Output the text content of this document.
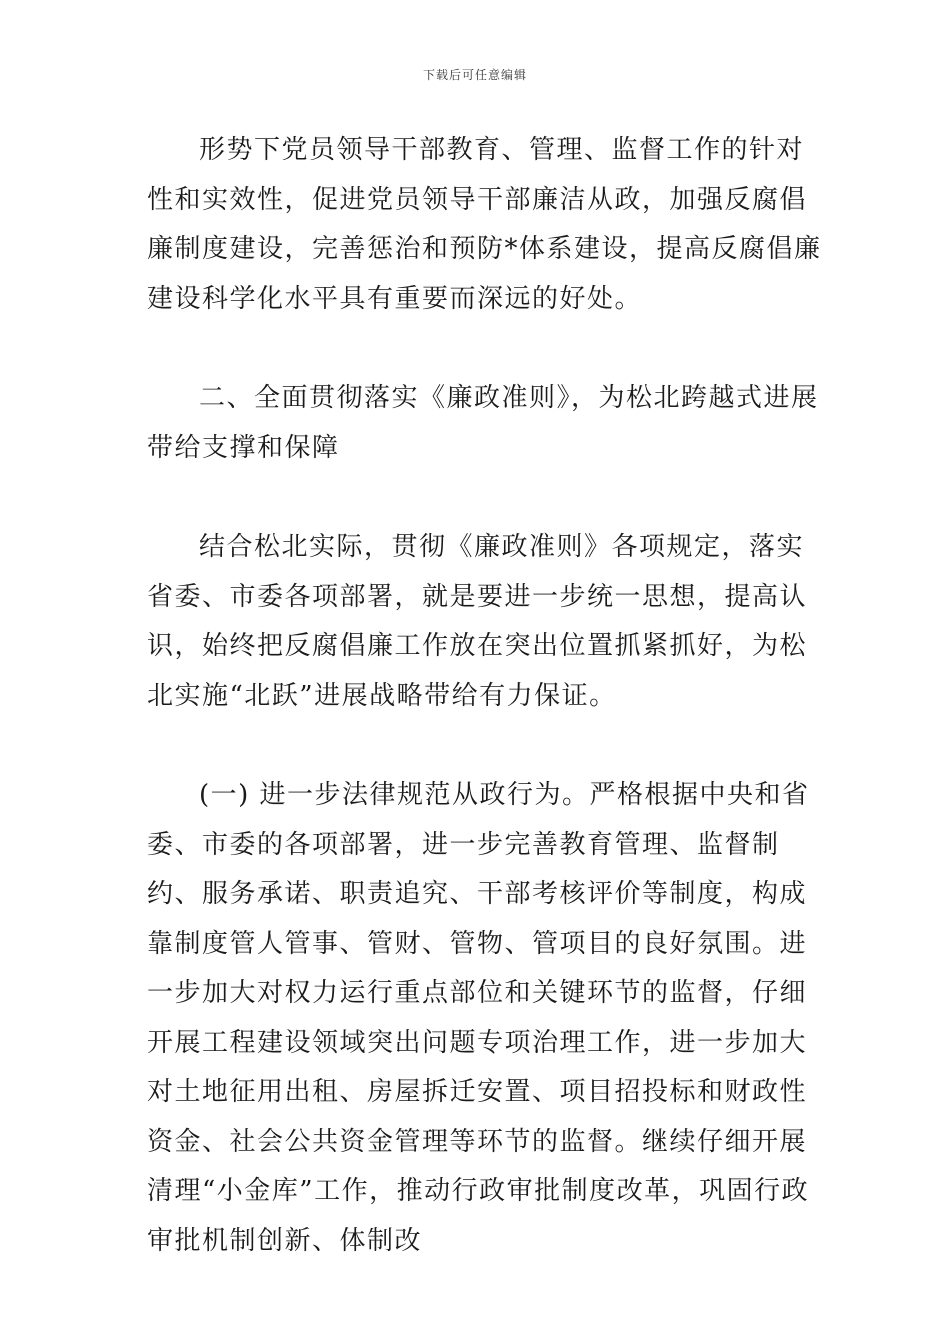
下载后可任意编辑

形势下党员领导干部教育、管理、监督工作的针对性和实效性，促进党员领导干部廉洁从政，加强反腐倡廉制度建设，完善惩治和预防*体系建设，提高反腐倡廉建设科学化水平具有重要而深远的好处。

二、全面贯彻落实《廉政准则》，为松北跨越式进展带给支撑和保障

结合松北实际，贯彻《廉政准则》各项规定，落实省委、市委各项部署，就是要进一步统一思想，提高认识，始终把反腐倡廉工作放在突出位置抓紧抓好，为松北实施“北跃”进展战略带给有力保证。

(一) 进一步法律规范从政行为。严格根据中央和省委、市委的各项部署，进一步完善教育管理、监督制约、服务承诺、职责追究、干部考核评价等制度，构成靠制度管人管事、管财、管物、管项目的良好氛围。进一步加大对权力运行重点部位和关键环节的监督，仔细开展工程建设领域突出问题专项治理工作，进一步加大对土地征用出租、房屋拆迁安置、项目招投标和财政性资金、社会公共资金管理等环节的监督。继续仔细开展清理“小金库”工作，推动行政审批制度改革，巩固行政审批机制创新、体制改
